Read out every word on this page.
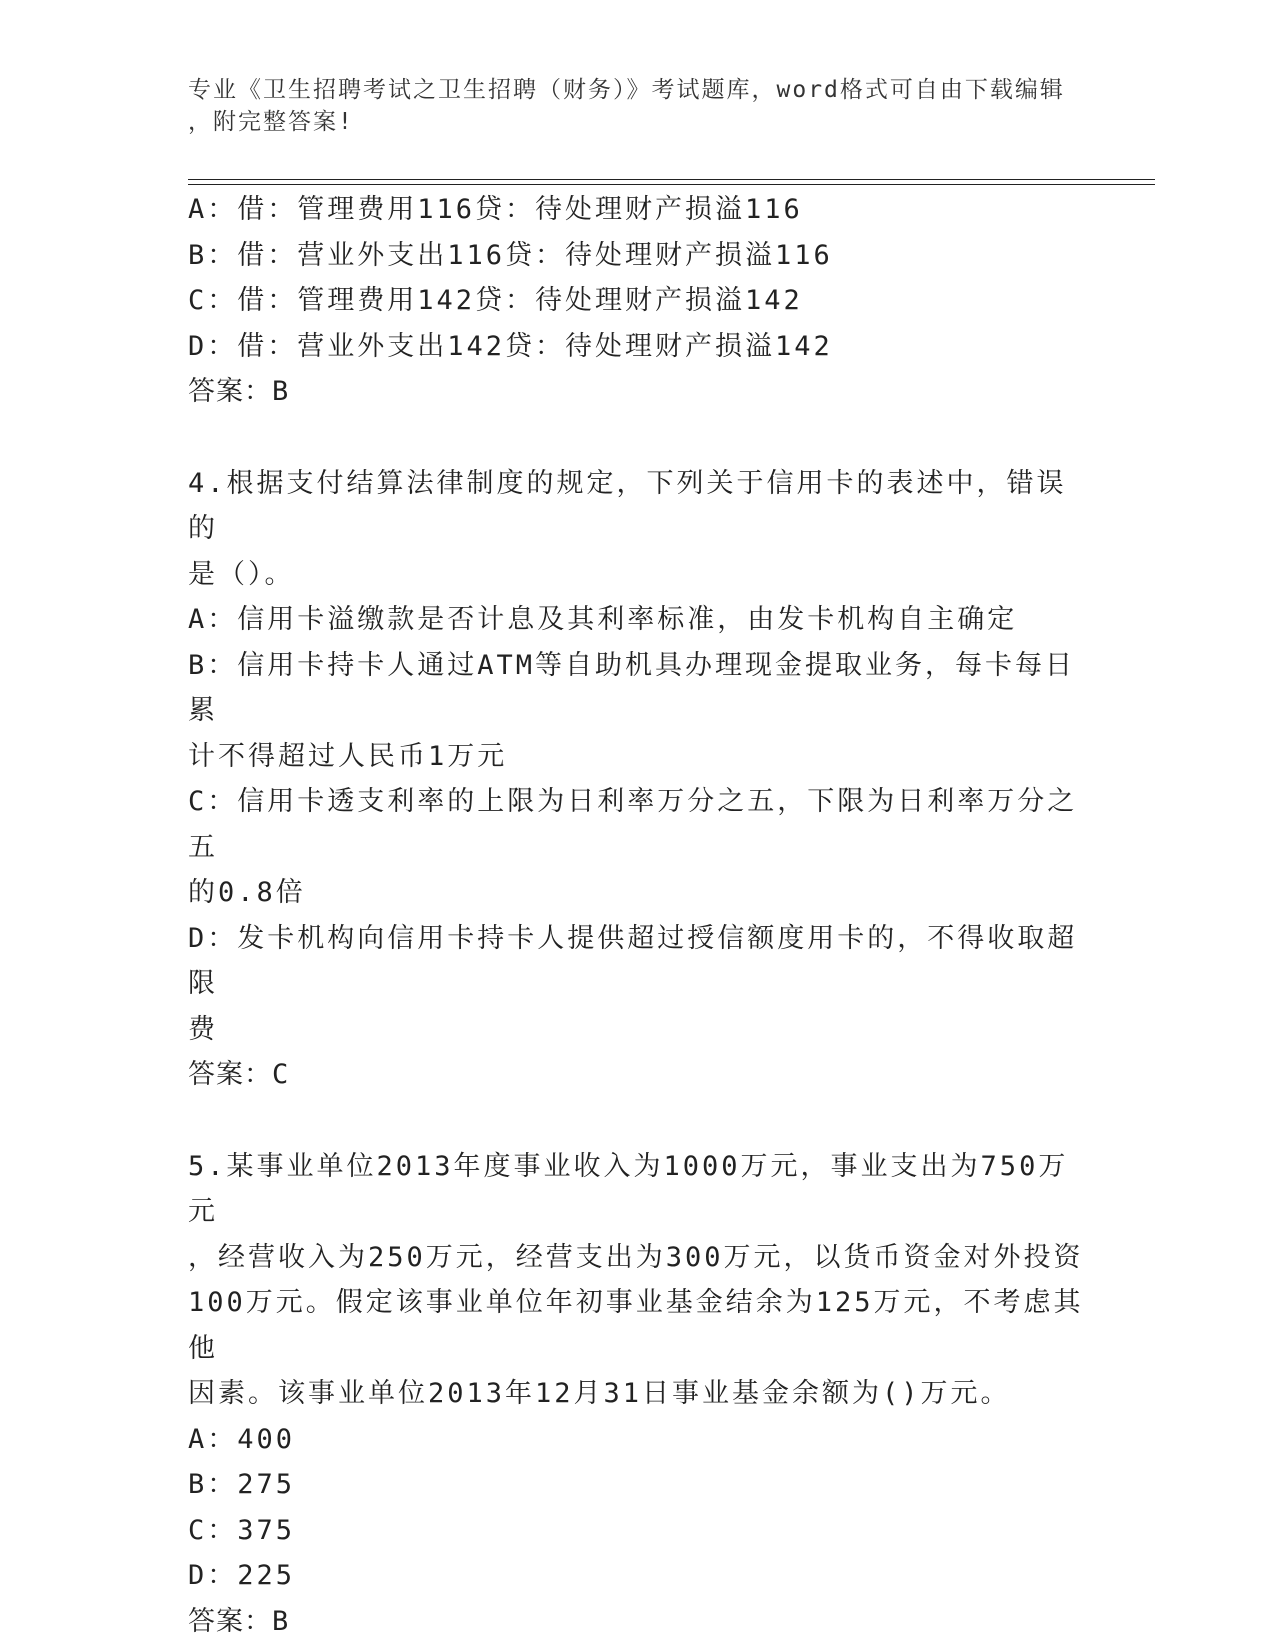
专业《卫生招聘考试之卫生招聘（财务）》考试题库，word格式可自由下载编辑
，附完整答案!
A：借：管理费用116贷：待处理财产损溢116
B：借：营业外支出116贷：待处理财产损溢116
C：借：管理费用142贷：待处理财产损溢142
D：借：营业外支出142贷：待处理财产损溢142
答案：B
4.根据支付结算法律制度的规定，下列关于信用卡的表述中，错误的
是（）。
A：信用卡溢缴款是否计息及其利率标准，由发卡机构自主确定
B：信用卡持卡人通过ATM等自助机具办理现金提取业务，每卡每日累
计不得超过人民币1万元
C：信用卡透支利率的上限为日利率万分之五，下限为日利率万分之五
的0.8倍
D：发卡机构向信用卡持卡人提供超过授信额度用卡的，不得收取超限
费
答案：C
5.某事业单位2013年度事业收入为1000万元，事业支出为750万元
，经营收入为250万元，经营支出为300万元，以货币资金对外投资
100万元。假定该事业单位年初事业基金结余为125万元，不考虑其他
因素。该事业单位2013年12月31日事业基金余额为()万元。
A：400
B：275
C：375
D：225
答案：B
